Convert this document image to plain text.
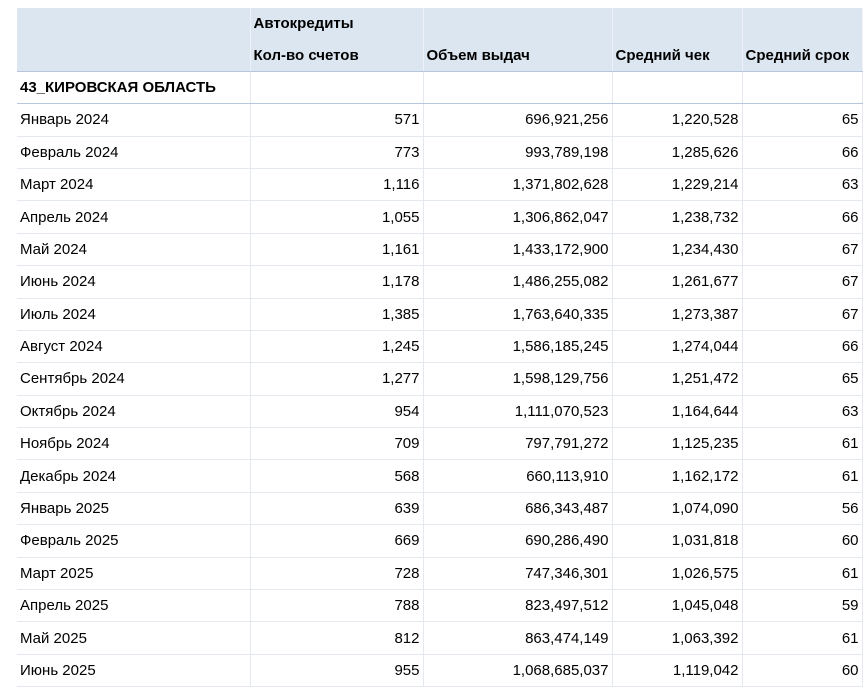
	Автокредиты			
	Кол-во счетов	Объем выдач	Средний чек	Средний срок
43_КИРОВСКАЯ ОБЛАСТЬ				
Январь 2024	571	696,921,256	1,220,528	65
Февраль 2024	773	993,789,198	1,285,626	66
Март 2024	1,116	1,371,802,628	1,229,214	63
Апрель 2024	1,055	1,306,862,047	1,238,732	66
Май 2024	1,161	1,433,172,900	1,234,430	67
Июнь 2024	1,178	1,486,255,082	1,261,677	67
Июль 2024	1,385	1,763,640,335	1,273,387	67
Август 2024	1,245	1,586,185,245	1,274,044	66
Сентябрь 2024	1,277	1,598,129,756	1,251,472	65
Октябрь 2024	954	1,111,070,523	1,164,644	63
Ноябрь 2024	709	797,791,272	1,125,235	61
Декабрь 2024	568	660,113,910	1,162,172	61
Январь 2025	639	686,343,487	1,074,090	56
Февраль 2025	669	690,286,490	1,031,818	60
Март 2025	728	747,346,301	1,026,575	61
Апрель 2025	788	823,497,512	1,045,048	59
Май 2025	812	863,474,149	1,063,392	61
Июнь 2025	955	1,068,685,037	1,119,042	60
